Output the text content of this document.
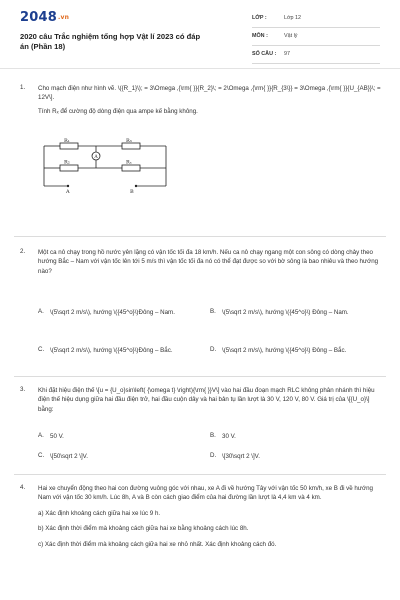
2048.vn
2020 câu Trắc nghiệm tổng hợp Vật lí 2023 có đáp án (Phần 18)
LỚP :	Lớp 12
MÔN :	Vật lý
SỐ CÂU : 97
1. Cho mạch điện như hình vẽ. \({R_1}\); = 3\Omega ,{\rm{ }}{R_2}\; = 2\Omega ,{\rm{ }}{R_{3\}} = 3\Omega ,{\rm{ }}{U_{AB}}\; = 12V\].
Tính Rₓ để cường độ dòng điện qua ampe kế bằng không.
R₁	R₃
R₂	Rₓ
A
A	B
2. Một ca nô chạy trong hồ nước yên lặng có vận tốc tối đa 18 km/h. Nếu ca nô chạy ngang một con sông có dòng chảy theo hướng Bắc – Nam với vận tốc lên tới 5 m/s thì vận tốc tối đa nó có thể đạt được so với bờ sông là bao nhiêu và theo hướng nào?
A. \(5\sqrt 2 m/s\), hướng \({45^o}\)Đông – Nam.	B. \(5\sqrt 2 m/s\), hướng \({45^o}\) Đông – Nam.
C. \(5\sqrt 2 m/s\), hướng \({45^o}\)Đông – Bắc.	D. \(5\sqrt 2 m/s\), hướng \({45^o}\) Đông – Bắc.
3. Khi đặt hiệu điện thế \[u = {U_o}sin\left( {\omega t} \right){\rm{ }}V\] vào hai đầu đoạn mạch RLC không phân nhánh thì hiệu điện thế hiệu dụng giữa hai đầu điện trở, hai đầu cuộn dây và hai bản tụ lần lượt là 30 V, 120 V, 80 V. Giá trị của \[{U_o}\] bằng:
A. 50 V.	B. 30 V.
C. \[50\sqrt 2 \]V.	D. \[30\sqrt 2 \]V.
4. Hai xe chuyển động theo hai con đường vuông góc với nhau, xe A đi về hướng Tây với vận tốc 50 km/h, xe B đi về hướng Nam với vận tốc 30 km/h. Lúc 8h, A và B còn cách giao điểm của hai đường lần lượt là 4,4 km và 4 km.
a) Xác định khoảng cách giữa hai xe lúc 9 h.
b) Xác định thời điểm mà khoảng cách giữa hai xe bằng khoảng cách lúc 8h.
c) Xác định thời điểm mà khoảng cách giữa hai xe nhỏ nhất. Xác định khoảng cách đó.
